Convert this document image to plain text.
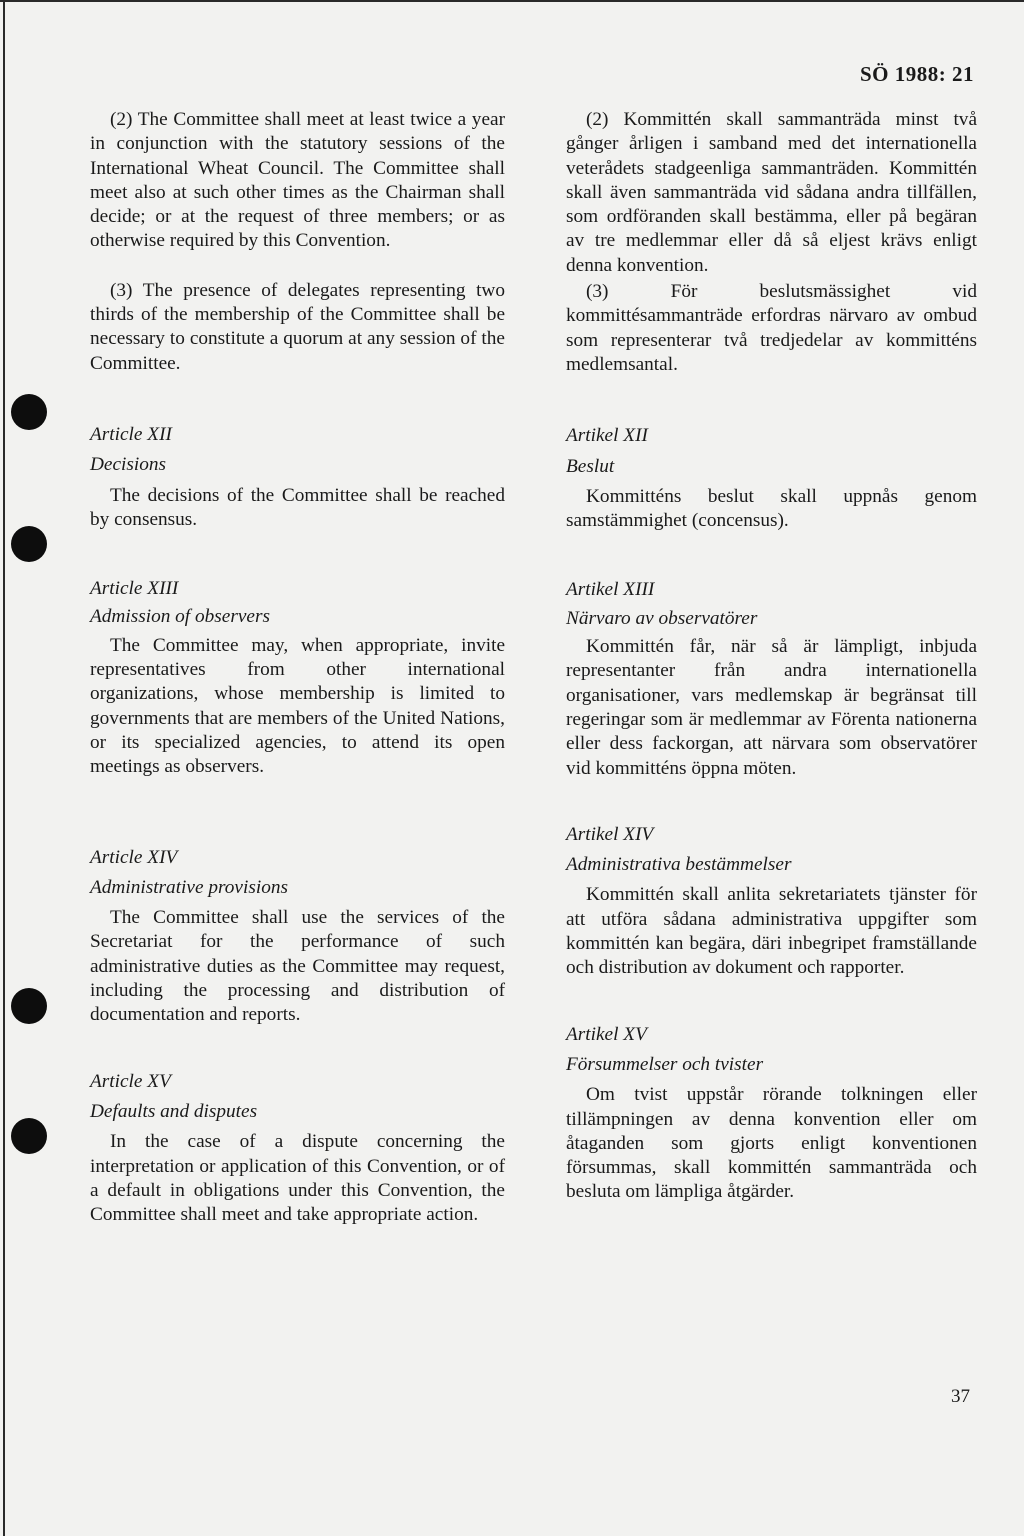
SÖ 1988: 21

(2) The Committee shall meet at least twice a year in conjunction with the statutory sessions of the International Wheat Council. The Committee shall meet also at such other times as the Chairman shall decide; or at the request of three members; or as otherwise required by this Convention.

(3) The presence of delegates representing two thirds of the membership of the Committee shall be necessary to constitute a quorum at any session of the Committee.

Article XII

Decisions

The decisions of the Committee shall be reached by consensus.

Article XIII

Admission of observers

The Committee may, when appropriate, invite representatives from other international organizations, whose membership is limited to governments that are members of the United Nations, or its specialized agencies, to attend its open meetings as observers.

Article XIV

Administrative provisions

The Committee shall use the services of the Secretariat for the performance of such administrative duties as the Committee may request, including the processing and distribution of documentation and reports.

Article XV

Defaults and disputes

In the case of a dispute concerning the interpretation or application of this Convention, or of a default in obligations under this Convention, the Committee shall meet and take appropriate action.

(2) Kommittén skall sammanträda minst två gånger årligen i samband med det internationella veterådets stadgeenliga sammanträden. Kommittén skall även sammanträda vid sådana andra tillfällen, som ordföranden skall bestämma, eller på begäran av tre medlemmar eller då så eljest krävs enligt denna konvention.

(3) För beslutsmässighet vid kommittésammanträde erfordras närvaro av ombud som representerar två tredjedelar av kommitténs medlemsantal.

Artikel XII

Beslut

Kommitténs beslut skall uppnås genom samstämmighet (concensus).

Artikel XIII

Närvaro av observatörer

Kommittén får, när så är lämpligt, inbjuda representanter från andra internationella organisationer, vars medlemskap är begränsat till regeringar som är medlemmar av Förenta nationerna eller dess fackorgan, att närvara som observatörer vid kommitténs öppna möten.

Artikel XIV

Administrativa bestämmelser

Kommittén skall anlita sekretariatets tjänster för att utföra sådana administrativa uppgifter som kommittén kan begära, däri inbegripet framställande och distribution av dokument och rapporter.

Artikel XV

Försummelser och tvister

Om tvist uppstår rörande tolkningen eller tillämpningen av denna konvention eller om åtaganden som gjorts enligt konventionen försummas, skall kommittén sammanträda och besluta om lämpliga åtgärder.

37
